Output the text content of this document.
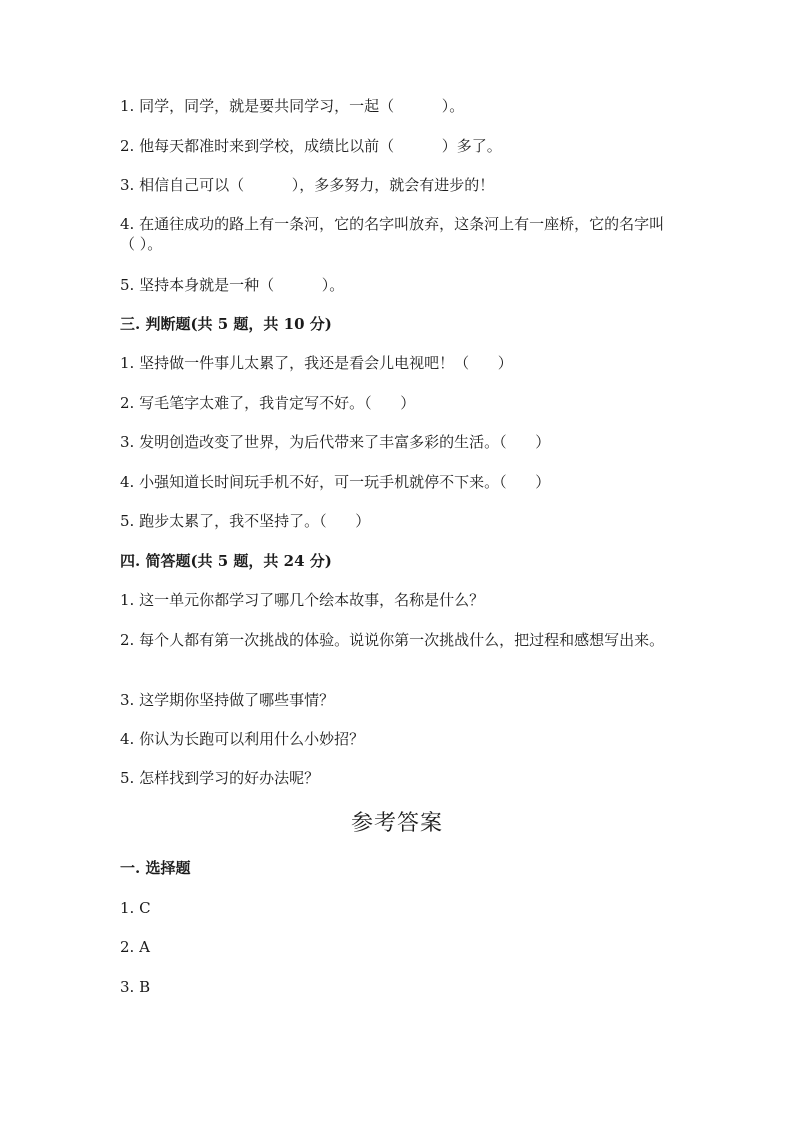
1. 同学，同学，就是要共同学习，一起（          ）。
2. 他每天都准时来到学校，成绩比以前（          ）多了。
3. 相信自己可以（          ），多多努力，就会有进步的！
4. 在通往成功的路上有一条河，它的名字叫放弃，这条河上有一座桥，它的名字叫（ ）。
5. 坚持本身就是一种（          ）。
三. 判断题(共 5 题，共 10 分)
1. 坚持做一件事儿太累了，我还是看会儿电视吧！（      ）
2. 写毛笔字太难了，我肯定写不好。（      ）
3. 发明创造改变了世界，为后代带来了丰富多彩的生活。（      ）
4. 小强知道长时间玩手机不好，可一玩手机就停不下来。（      ）
5. 跑步太累了，我不坚持了。（      ）
四. 简答题(共 5 题，共 24 分)
1. 这一单元你都学习了哪几个绘本故事，名称是什么？
2. 每个人都有第一次挑战的体验。说说你第一次挑战什么，把过程和感想写出来。
3. 这学期你坚持做了哪些事情？
4. 你认为长跑可以利用什么小妙招？
5. 怎样找到学习的好办法呢？
参考答案
一. 选择题
1. C
2. A
3. B
